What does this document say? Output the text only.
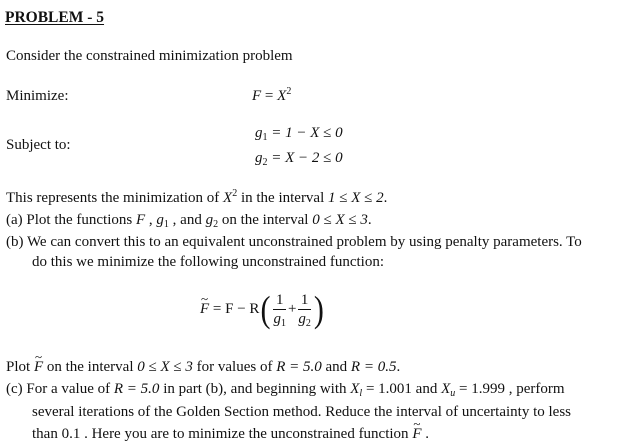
PROBLEM - 5
Consider the constrained minimization problem
Minimize:	$F = X^2$
Subject to:
$g_1 = 1 - X \le 0$
$g_2 = X - 2 \le 0$
This represents the minimization of $X^2$ in the interval 1 ≤ X ≤ 2.
(a) Plot the functions F , $g_1$ , and $g_2$ on the interval 0 ≤ X ≤ 3.
(b) We can convert this to an equivalent unconstrained problem by using penalty parameters. To
do this we minimize the following unconstrained function:
~ $F = F - R( \frac{1}{g_1} + \frac{1}{g_2}$ )
Plot ~ F on the interval 0 ≤ X ≤ 3 for values of R = 5.0 and R = 0.5.
(c) For a value of R = 5.0 in part (b), and beginning with $X_l = 1.001$ and $X_u = 1.999$ , perform
several iterations of the Golden Section method. Reduce the interval of uncertainty to less
than 0.1 . Here you are to minimize the unconstrained function ~ F .
